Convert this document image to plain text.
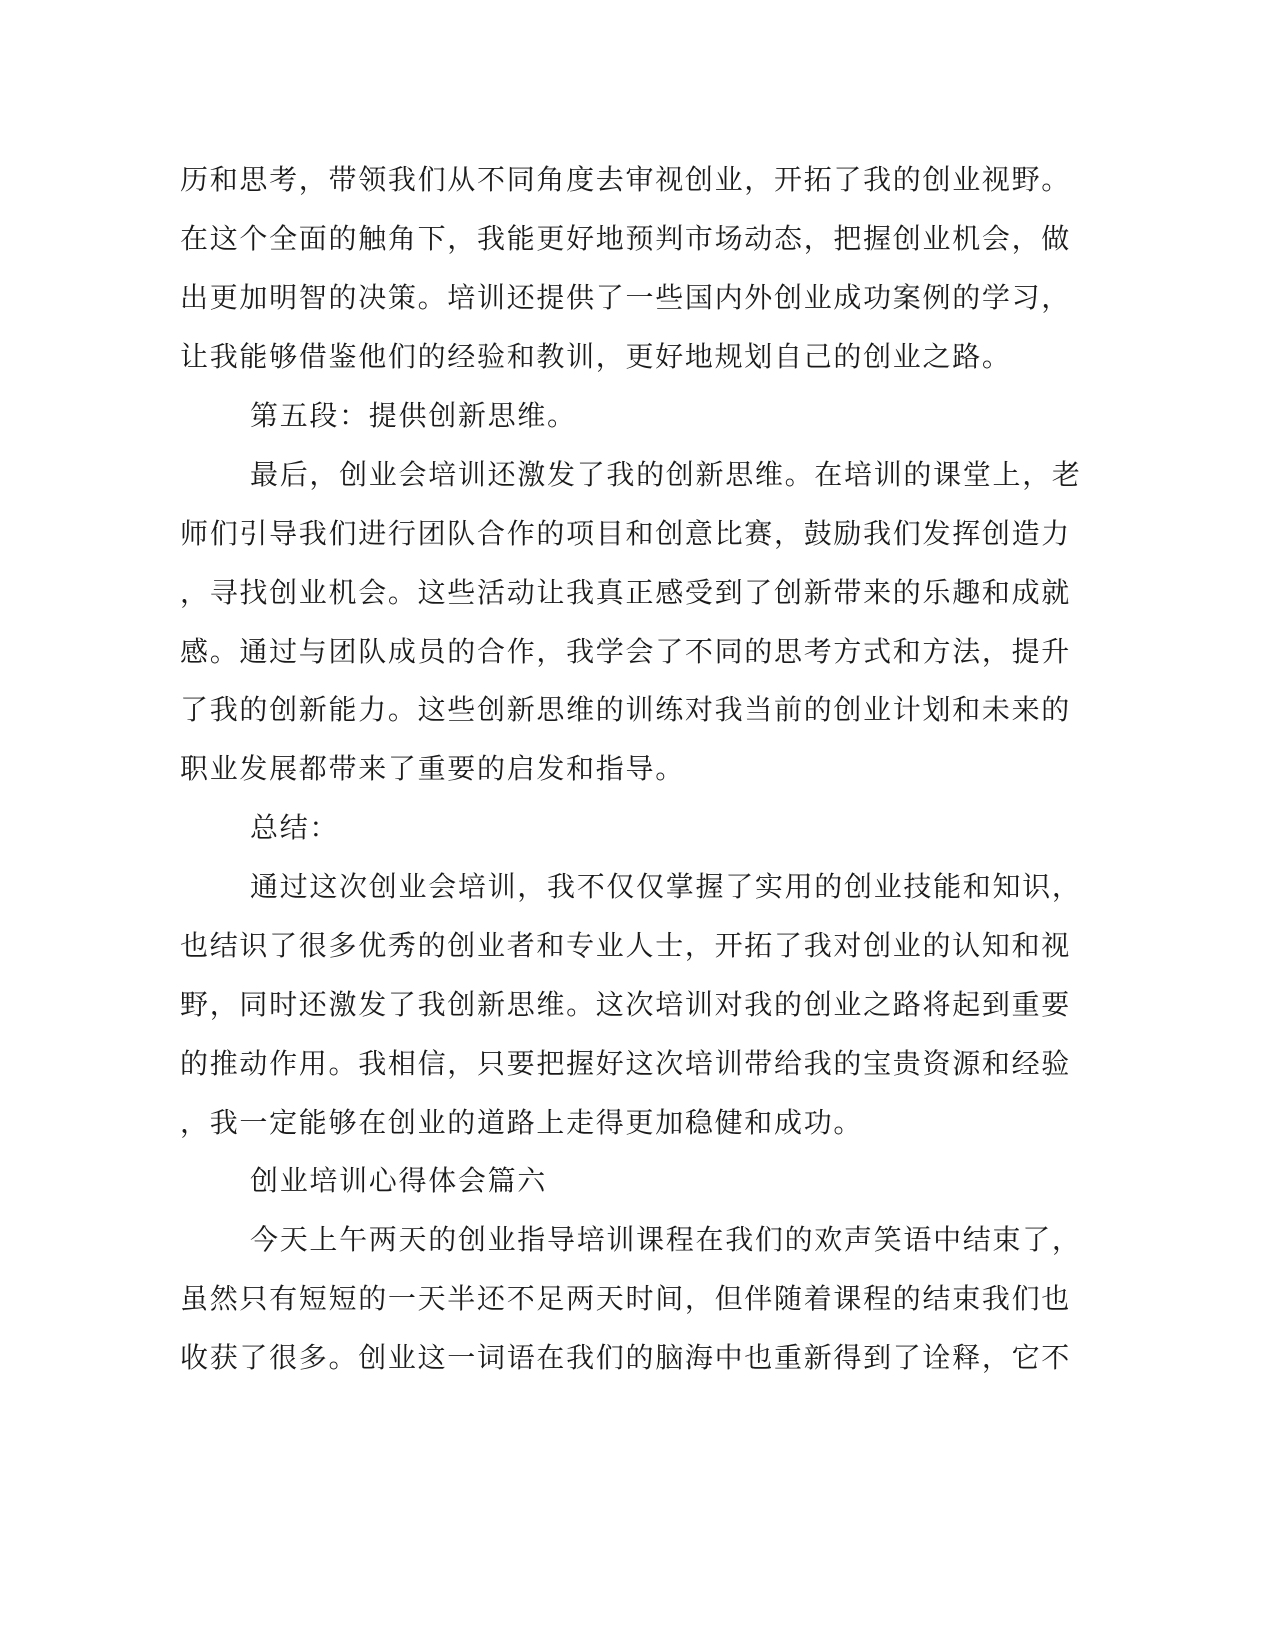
历和思考，带领我们从不同角度去审视创业，开拓了我的创业视野。
在这个全面的触角下，我能更好地预判市场动态，把握创业机会，做
出更加明智的决策。培训还提供了一些国内外创业成功案例的学习，
让我能够借鉴他们的经验和教训，更好地规划自己的创业之路。
第五段：提供创新思维。
最后，创业会培训还激发了我的创新思维。在培训的课堂上，老
师们引导我们进行团队合作的项目和创意比赛，鼓励我们发挥创造力
，寻找创业机会。这些活动让我真正感受到了创新带来的乐趣和成就
感。通过与团队成员的合作，我学会了不同的思考方式和方法，提升
了我的创新能力。这些创新思维的训练对我当前的创业计划和未来的
职业发展都带来了重要的启发和指导。
总结：
通过这次创业会培训，我不仅仅掌握了实用的创业技能和知识，
也结识了很多优秀的创业者和专业人士，开拓了我对创业的认知和视
野，同时还激发了我创新思维。这次培训对我的创业之路将起到重要
的推动作用。我相信，只要把握好这次培训带给我的宝贵资源和经验
，我一定能够在创业的道路上走得更加稳健和成功。
创业培训心得体会篇六
今天上午两天的创业指导培训课程在我们的欢声笑语中结束了，
虽然只有短短的一天半还不足两天时间，但伴随着课程的结束我们也
收获了很多。创业这一词语在我们的脑海中也重新得到了诠释，它不
